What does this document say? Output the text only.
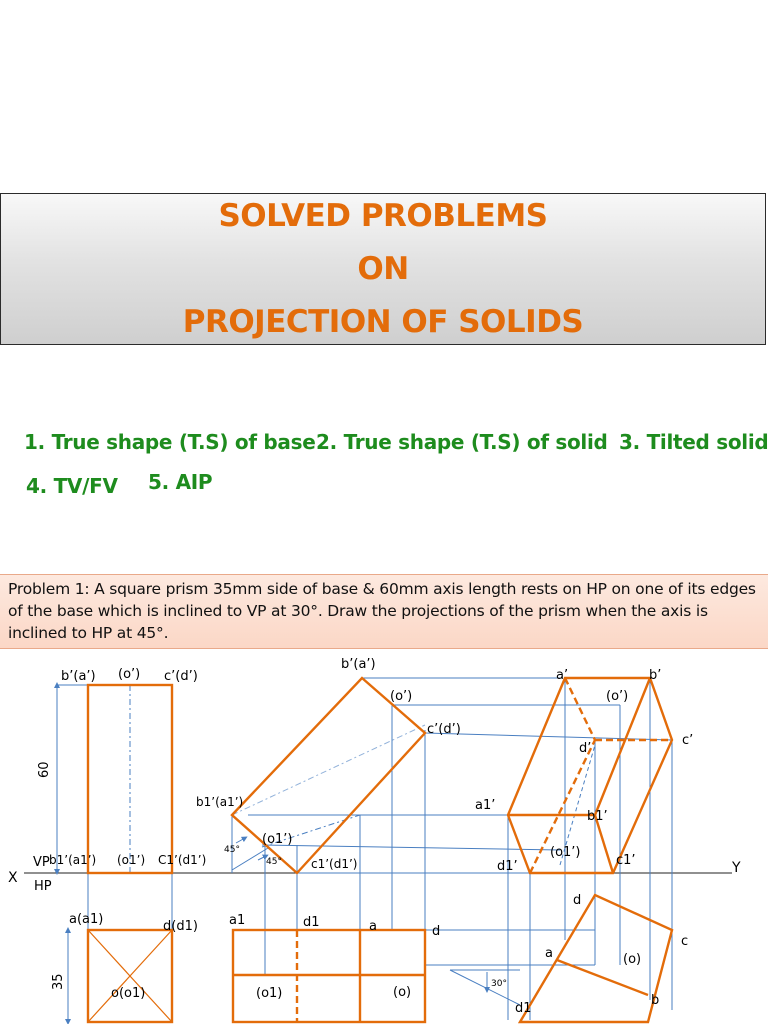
SOLVED PROBLEMS
ON
PROJECTION OF SOLIDS
1. True shape (T.S) of base 2. True shape (T.S) of solid 3. Tilted solid
4. TV/FV 5. AIP
Problem 1: A square prism 35mm side of base & 60mm axis length rests on HP on one of its edges of the base which is inclined to VP at 30°. Draw the projections of the prism when the axis is inclined to HP at 45°.
b’(a’) (o’) c’(d’)
60
VP b1’(a1’) (o1’) C1’(d1’)
X
HP
Y
a(a1)	d(d1)
35
o(o1)
b’(a’)
(o’)
c’(d’)
b1’(a1’)
(o1’)
45°
45° c1’(d1’)
a1	d1	a	d
(o1)	(o)
a’	b’
(o’)
c’
d’
a1’
b1’
(o1’)
d1’	c1’
d
c
a	(o)
b
30°
d1
